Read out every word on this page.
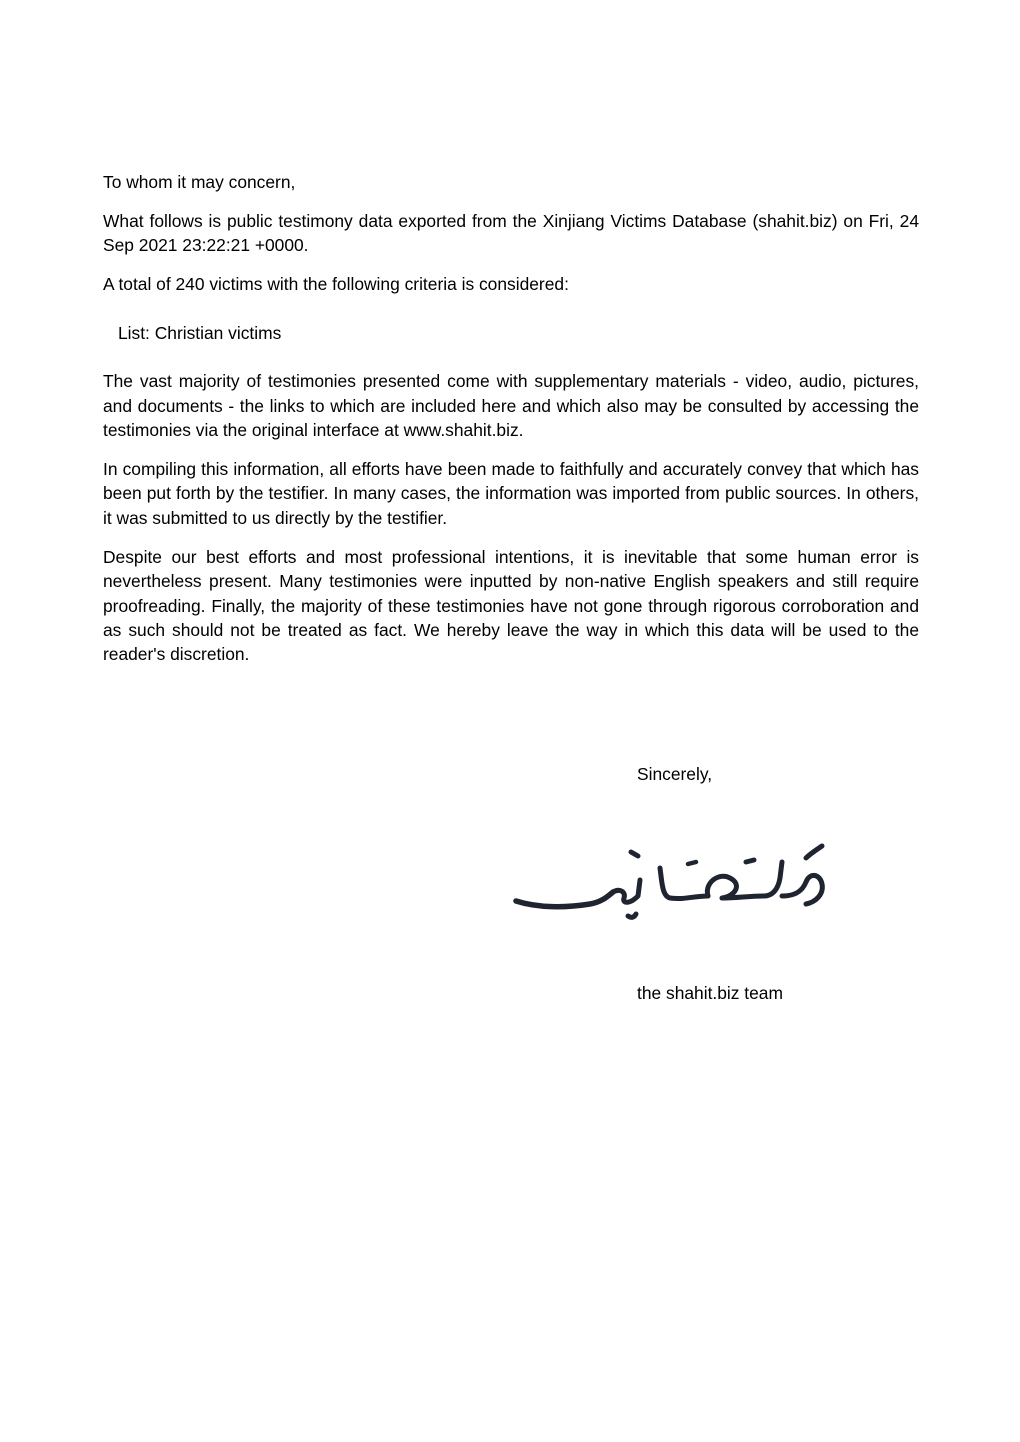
To whom it may concern,

What follows is public testimony data exported from the Xinjiang Victims Database (shahit.biz) on Fri, 24 Sep 2021 23:22:21 +0000.

A total of 240 victims with the following criteria is considered:

List: Christian victims

The vast majority of testimonies presented come with supplementary materials - video, audio, pictures, and documents - the links to which are included here and which also may be consulted by accessing the testimonies via the original interface at www.shahit.biz.

In compiling this information, all efforts have been made to faithfully and accurately convey that which has been put forth by the testifier. In many cases, the information was imported from public sources. In others, it was submitted to us directly by the testifier.

Despite our best efforts and most professional intentions, it is inevitable that some human error is nevertheless present. Many testimonies were inputted by non-native English speakers and still require proofreading. Finally, the majority of these testimonies have not gone through rigorous corroboration and as such should not be treated as fact. We hereby leave the way in which this data will be used to the reader's discretion.

Sincerely,
the shahit.biz team
